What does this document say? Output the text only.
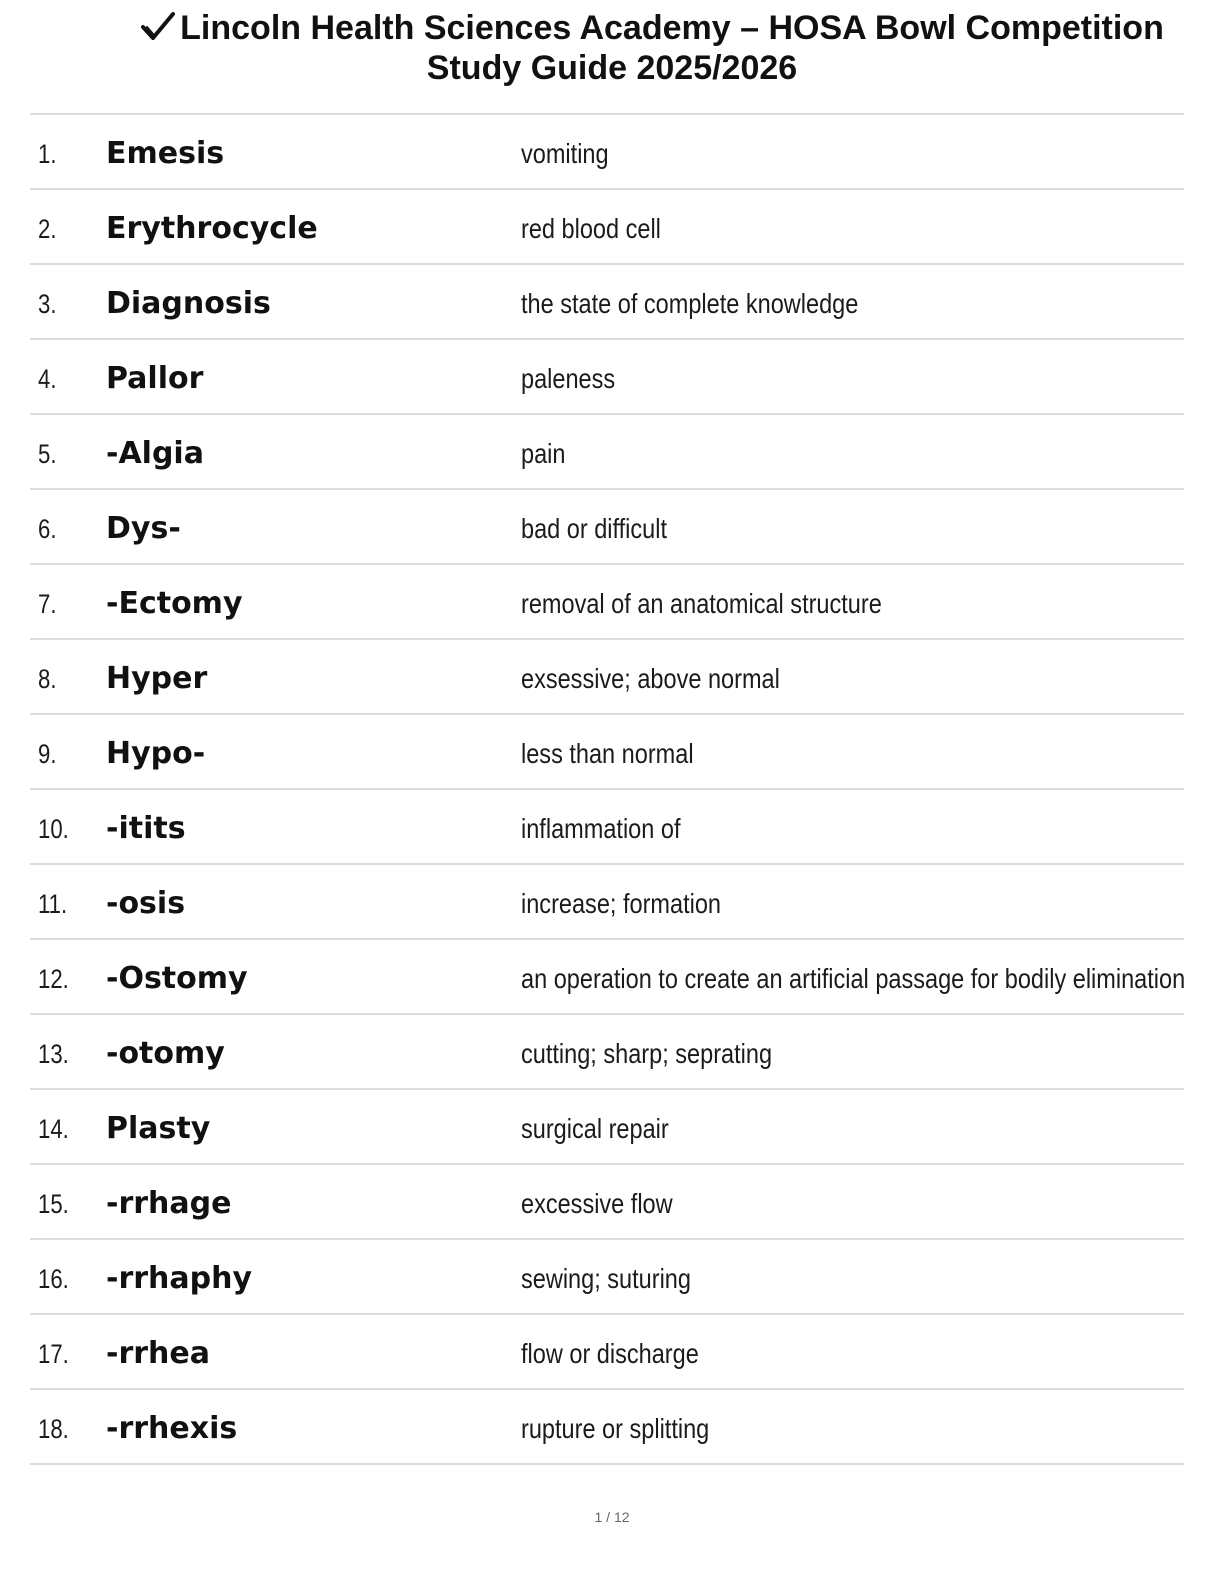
Lincoln Health Sciences Academy – HOSA Bowl Competition
Study Guide 2025/2026
1. Emesis	vomiting
2. Erythrocycle	red blood cell
3. Diagnosis	the state of complete knowledge
4. Pallor	paleness
5. -Algia	pain
6. Dys-	bad or difficult
7. -Ectomy	removal of an anatomical structure
8. Hyper	exsessive; above normal
9. Hypo-	less than normal
10. -itits	inflammation of
11. -osis	increase; formation
12. -Ostomy	an operation to create an artificial passage for bodily elimination
13. -otomy	cutting; sharp; seprating
14. Plasty	surgical repair
15. -rrhage	excessive flow
16. -rrhaphy	sewing; suturing
17. -rrhea	flow or discharge
18. -rrhexis	rupture or splitting
1 / 12
